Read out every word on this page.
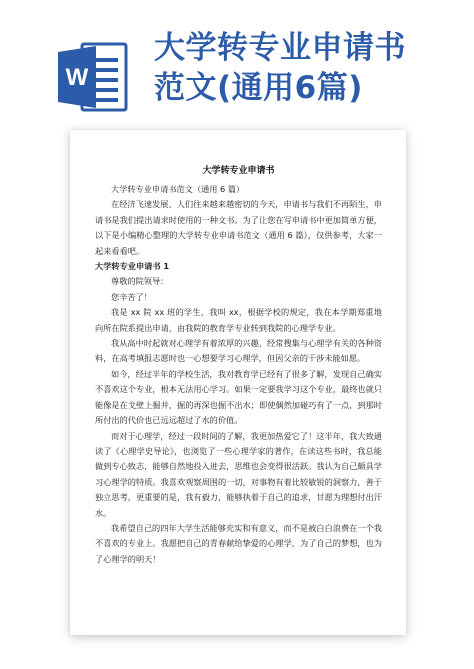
W
大学转专业申请书
范文(通用6篇)
大学转专业申请书

大学转专业申请书范文（通用 6 篇）

在经济飞速发展、人们往来越来越密切的今天，申请书与我们不再陌生，申请书是我们提出请求时使用的一种文书。为了让您在写申请书中更加简单方便，以下是小编精心整理的大学转专业申请书范文（通用 6 篇），仅供参考，大家一起来看看吧。

大学转专业申请书 1

尊敬的院领导：

您辛苦了！

我是 xx 院 xx 班的学生，我叫 xx，根据学校的规定，我在本学期郑重地向所在院系提出申请，由我院的教育学专业转到我院的心理学专业。

我从高中时起就对心理学有着浓厚的兴趣，经常搜集与心理学有关的各种资料，在高考填报志愿时也一心想要学习心理学，但因父亲的干涉未能如愿。

如今，经过半年的学校生活，我对教育学已经有了很多了解，发现自己确实不喜欢这个专业，根本无法用心学习。如果一定要我学习这个专业，最终也就只能像是在戈壁上掘井，掘的再深也掘不出水；即使偶然加碰巧有了一点，到那时所付出的代价也已远远超过了水的价值。

而对于心理学，经过一段时间的了解，我更加热爱它了！这半年，我大致通读了《心理学史导论》，也浏览了一些心理学家的著作，在读这些书时，我总能做到专心致志，能够自然地投入进去，思维也会变得很活跃。我认为自己颇具学习心理学的特质。我喜欢观察周围的一切，对事物有着比较敏锐的洞察力，善于独立思考，更重要的是，我有毅力，能够执着于自己的追求，甘愿为理想付出汗水。

我希望自己的四年大学生活能够充实和有意义，而不是被白白浪费在一个我不喜欢的专业上。我愿把自己的青春献给挚爱的心理学，为了自己的梦想，也为了心理学的明天！
